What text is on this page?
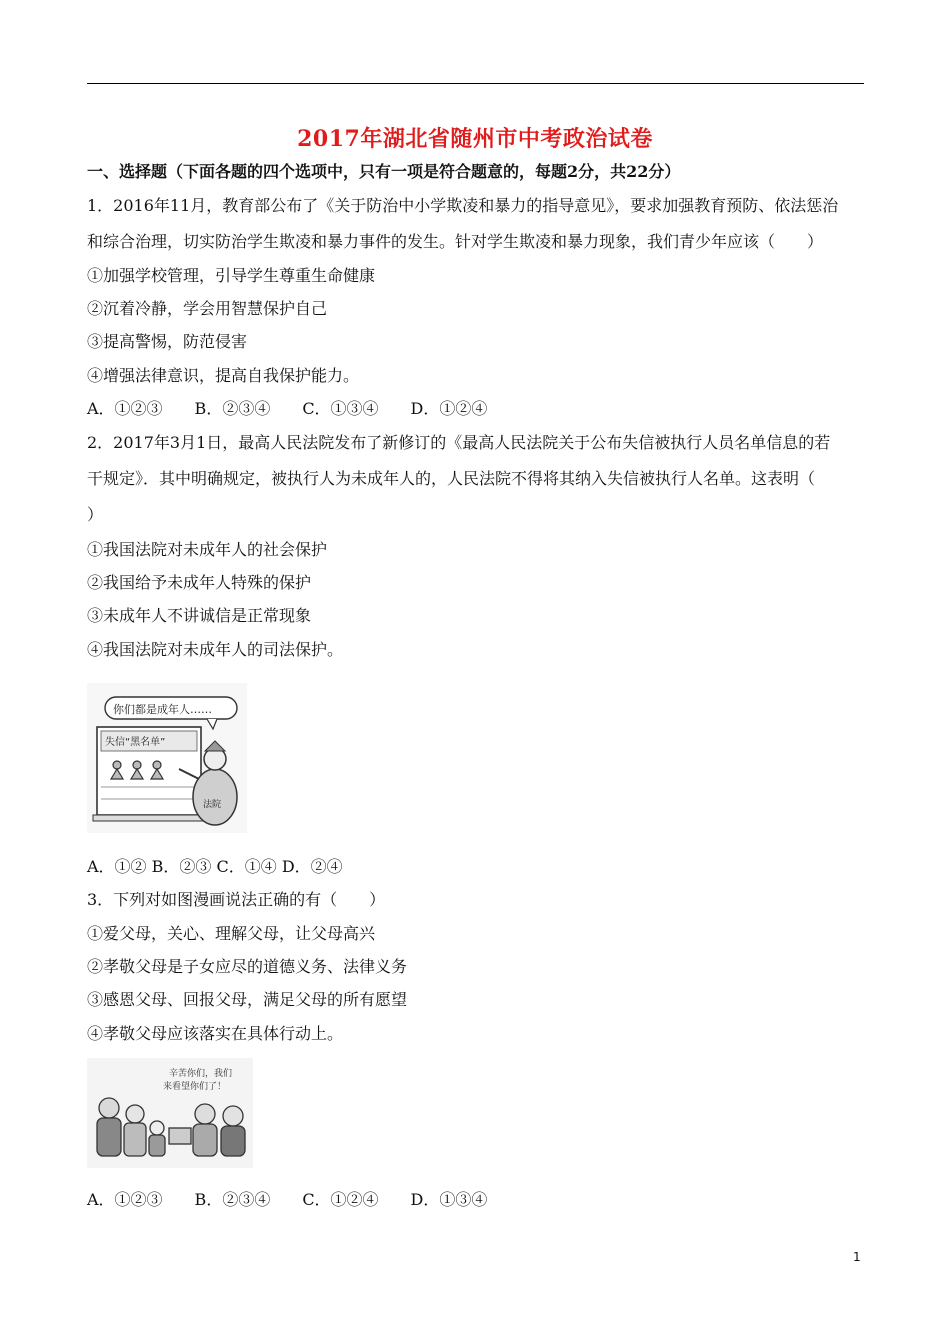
2017年湖北省随州市中考政治试卷
一、选择题（下面各题的四个选项中，只有一项是符合题意的，每题2分，共22分）
1．2016年11月，教育部公布了《关于防治中小学欺凌和暴力的指导意见》，要求加强教育预防、依法惩治
和综合治理，切实防治学生欺凌和暴力事件的发生。针对学生欺凌和暴力现象，我们青少年应该（　　）
①加强学校管理，引导学生尊重生命健康
②沉着冷静，学会用智慧保护自己
③提高警惕，防范侵害
④增强法律意识，提高自我保护能力。
A．①②③　　B．②③④　　C．①③④　　D．①②④
2．2017年3月1日，最高人民法院发布了新修订的《最高人民法院关于公布失信被执行人员名单信息的若
干规定》．其中明确规定，被执行人为未成年人的，人民法院不得将其纳入失信被执行人名单。这表明（
）
①我国法院对未成年人的社会保护
②我国给予未成年人特殊的保护
③未成年人不讲诚信是正常现象
④我国法院对未成年人的司法保护。
你们都是成年人……
失信“黑名单”
法院
A．①② B．②③ C．①④ D．②④
3．下列对如图漫画说法正确的有（　　）
①爱父母，关心、理解父母，让父母高兴
②孝敬父母是子女应尽的道德义务、法律义务
③感恩父母、回报父母，满足父母的所有愿望
④孝敬父母应该落实在具体行动上。
辛苦你们，我们
来看望你们了！
A．①②③　　B．②③④　　C．①②④　　D．①③④
1
